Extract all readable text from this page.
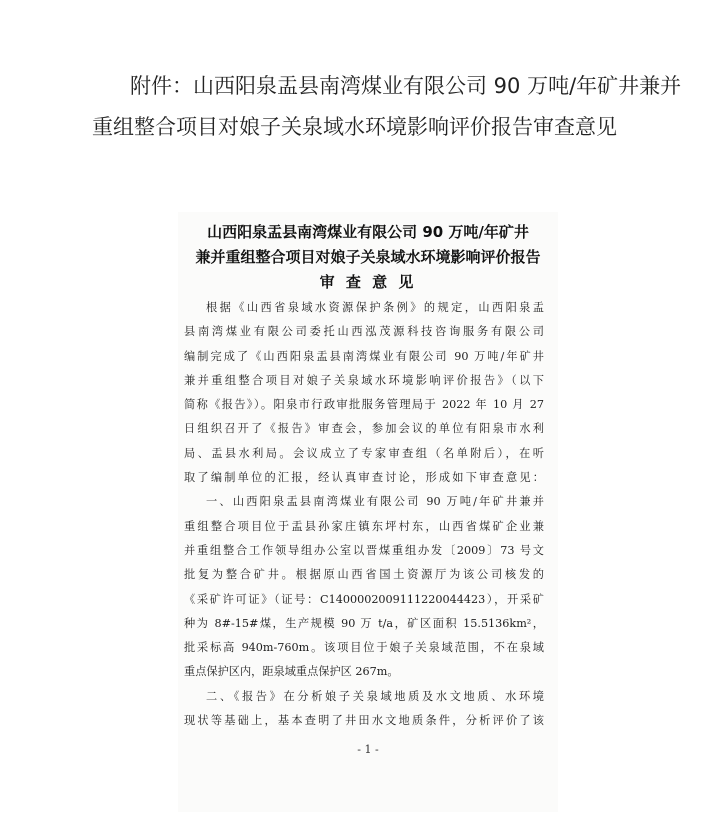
附件：山西阳泉盂县南湾煤业有限公司 90 万吨/年矿井兼并
重组整合项目对娘子关泉域水环境影响评价报告审查意见
山西阳泉盂县南湾煤业有限公司 90 万吨/年矿井
兼并重组整合项目对娘子关泉域水环境影响评价报告
审 查 意 见
根据《山西省泉域水资源保护条例》的规定，山西阳泉盂
县南湾煤业有限公司委托山西泓茂源科技咨询服务有限公司
编制完成了《山西阳泉盂县南湾煤业有限公司 90 万吨/年矿井
兼并重组整合项目对娘子关泉域水环境影响评价报告》（以下
简称《报告》）。阳泉市行政审批服务管理局于 2022 年 10 月 27
日组织召开了《报告》审查会，参加会议的单位有阳泉市水利
局、盂县水利局。会议成立了专家审查组（名单附后），在听
取了编制单位的汇报，经认真审查讨论，形成如下审查意见：
一、山西阳泉盂县南湾煤业有限公司 90 万吨/年矿井兼并
重组整合项目位于盂县孙家庄镇东坪村东，山西省煤矿企业兼
并重组整合工作领导组办公室以晋煤重组办发〔2009〕73 号文
批复为整合矿井。根据原山西省国土资源厅为该公司核发的
《采矿许可证》（证号：C1400002009111220044423），开采矿
种为 8#-15#煤，生产规模 90 万 t/a，矿区面积 15.5136km²，
批采标高 940m-760m。该项目位于娘子关泉域范围，不在泉域
重点保护区内，距泉域重点保护区 267m。
二、《报告》在分析娘子关泉域地质及水文地质、水环境
现状等基础上，基本查明了井田水文地质条件，分析评价了该
- 1 -
